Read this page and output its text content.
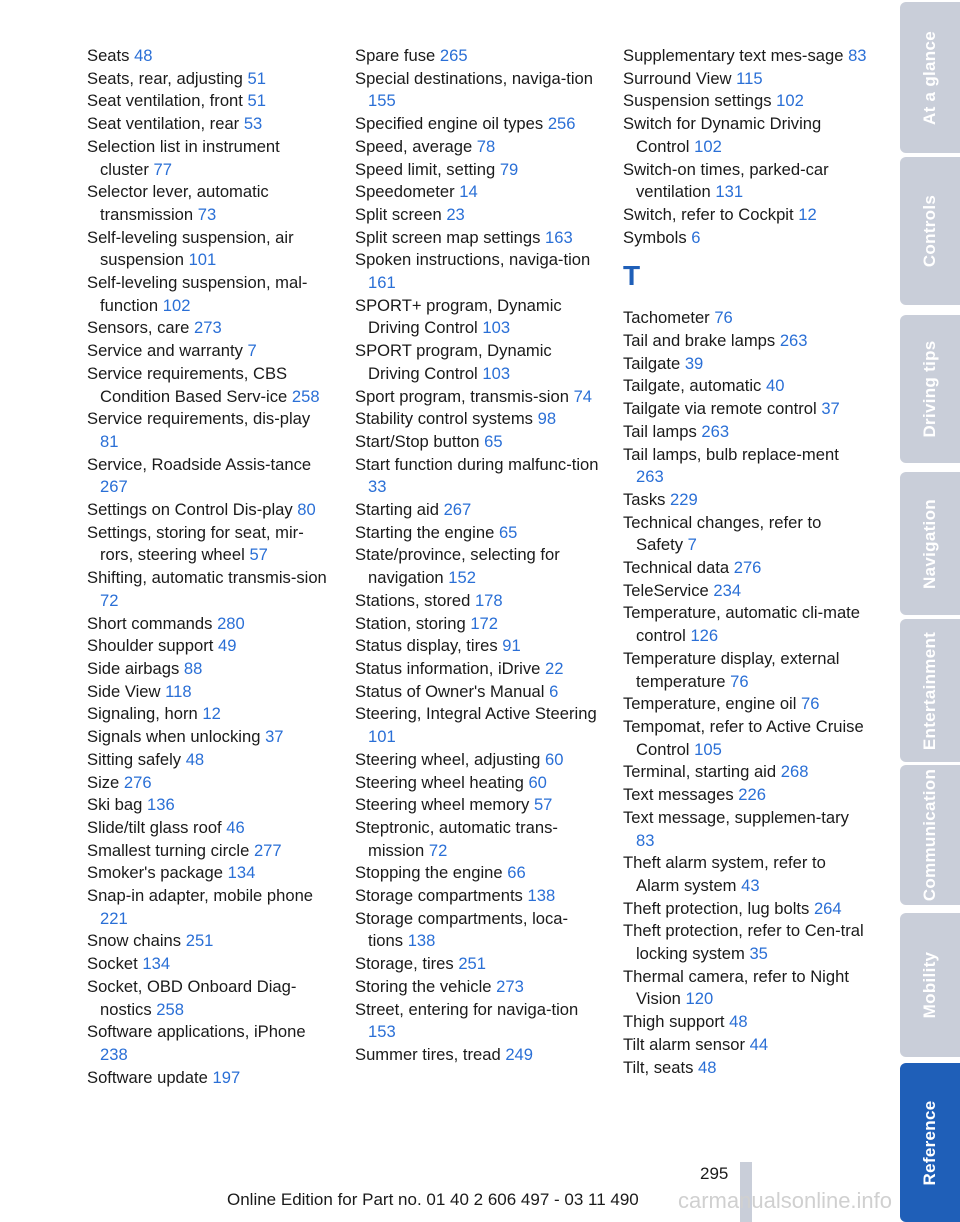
Seats 48
Seats, rear, adjusting 51
Seat ventilation, front 51
Seat ventilation, rear 53
Selection list in instrument cluster 77
Selector lever, automatic transmission 73
Self-leveling suspension, air suspension 101
Self-leveling suspension, mal-function 102
Sensors, care 273
Service and warranty 7
Service requirements, CBS Condition Based Serv-ice 258
Service requirements, dis-play 81
Service, Roadside Assis-tance 267
Settings on Control Dis-play 80
Settings, storing for seat, mir-rors, steering wheel 57
Shifting, automatic transmis-sion 72
Short commands 280
Shoulder support 49
Side airbags 88
Side View 118
Signaling, horn 12
Signals when unlocking 37
Sitting safely 48
Size 276
Ski bag 136
Slide/tilt glass roof 46
Smallest turning circle 277
Smoker's package 134
Snap-in adapter, mobile phone 221
Snow chains 251
Socket 134
Socket, OBD Onboard Diag-nostics 258
Software applications, iPhone 238
Software update 197
Spare fuse 265
Special destinations, naviga-tion 155
Specified engine oil types 256
Speed, average 78
Speed limit, setting 79
Speedometer 14
Split screen 23
Split screen map settings 163
Spoken instructions, naviga-tion 161
SPORT+ program, Dynamic Driving Control 103
SPORT program, Dynamic Driving Control 103
Sport program, transmis-sion 74
Stability control systems 98
Start/Stop button 65
Start function during malfunc-tion 33
Starting aid 267
Starting the engine 65
State/province, selecting for navigation 152
Stations, stored 178
Station, storing 172
Status display, tires 91
Status information, iDrive 22
Status of Owner's Manual 6
Steering, Integral Active Steering 101
Steering wheel, adjusting 60
Steering wheel heating 60
Steering wheel memory 57
Steptronic, automatic trans-mission 72
Stopping the engine 66
Storage compartments 138
Storage compartments, loca-tions 138
Storage, tires 251
Storing the vehicle 273
Street, entering for naviga-tion 153
Summer tires, tread 249
Supplementary text mes-sage 83
Surround View 115
Suspension settings 102
Switch for Dynamic Driving Control 102
Switch-on times, parked-car ventilation 131
Switch, refer to Cockpit 12
Symbols 6
T
Tachometer 76
Tail and brake lamps 263
Tailgate 39
Tailgate, automatic 40
Tailgate via remote control 37
Tail lamps 263
Tail lamps, bulb replace-ment 263
Tasks 229
Technical changes, refer to Safety 7
Technical data 276
TeleService 234
Temperature, automatic cli-mate control 126
Temperature display, external temperature 76
Temperature, engine oil 76
Tempomat, refer to Active Cruise Control 105
Terminal, starting aid 268
Text messages 226
Text message, supplemen-tary 83
Theft alarm system, refer to Alarm system 43
Theft protection, lug bolts 264
Theft protection, refer to Cen-tral locking system 35
Thermal camera, refer to Night Vision 120
Thigh support 48
Tilt alarm sensor 44
Tilt, seats 48
At a glance
Controls
Driving tips
Navigation
Entertainment
Communication
Mobility
Reference
295
carmanualsonline.info
Online Edition for Part no. 01 40 2 606 497 - 03 11 490
